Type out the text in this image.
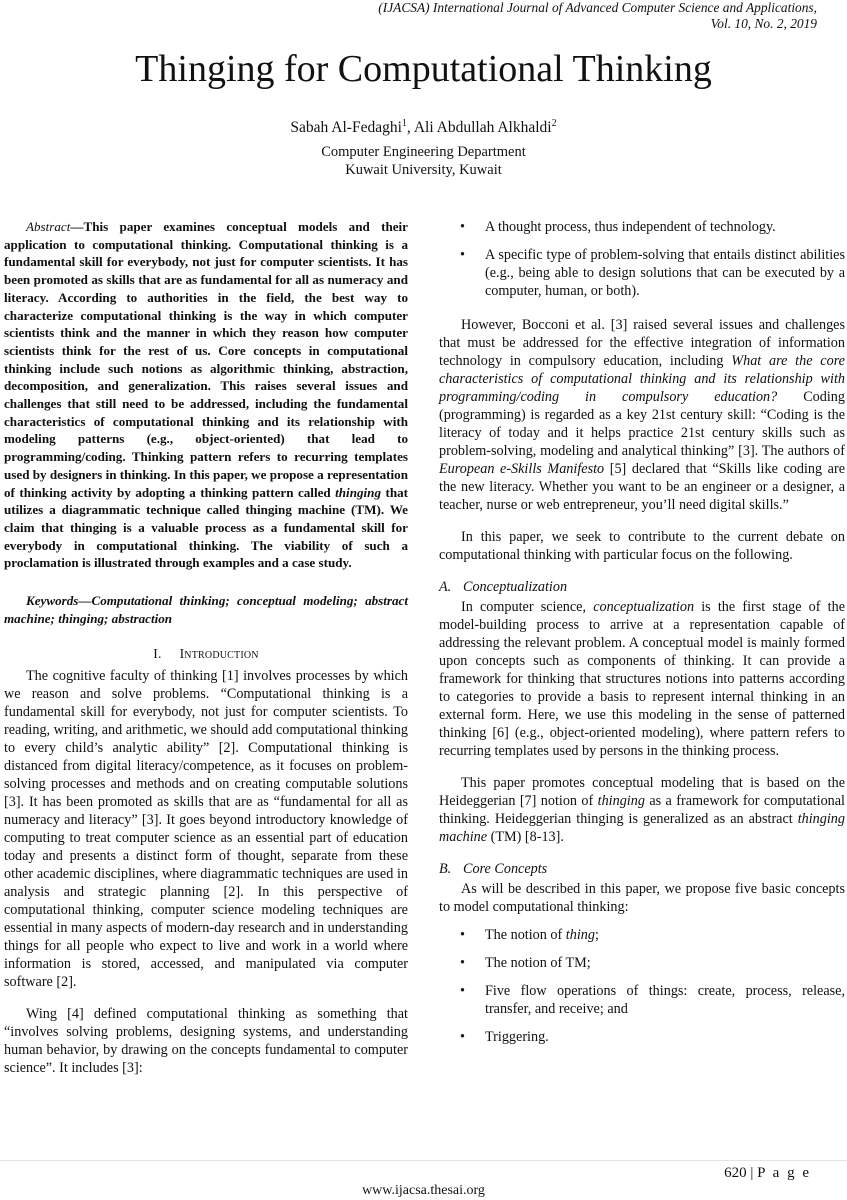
(IJACSA) International Journal of Advanced Computer Science and Applications,
Vol. 10, No. 2, 2019
Thinging for Computational Thinking
Sabah Al-Fedaghi$^1$, Ali Abdullah Alkhaldi$^2$
Computer Engineering Department
Kuwait University, Kuwait

Abstract—This paper examines conceptual models and their application to computational thinking. Computational thinking is a fundamental skill for everybody, not just for computer scientists. It has been promoted as skills that are as fundamental for all as numeracy and literacy. According to authorities in the field, the best way to characterize computational thinking is the way in which computer scientists think and the manner in which they reason how computer scientists think for the rest of us. Core concepts in computational thinking include such notions as algorithmic thinking, abstraction, decomposition, and generalization. This raises several issues and challenges that still need to be addressed, including the fundamental characteristics of computational thinking and its relationship with modeling patterns (e.g., object-oriented) that lead to programming/coding. Thinking pattern refers to recurring templates used by designers in thinking. In this paper, we propose a representation of thinking activity by adopting a thinking pattern called thinging that utilizes a diagrammatic technique called thinging machine (TM). We claim that thinging is a valuable process as a fundamental skill for everybody in computational thinking. The viability of such a proclamation is illustrated through examples and a case study.

Keywords—Computational thinking; conceptual modeling; abstract machine; thinging; abstraction

I. Introduction

The cognitive faculty of thinking [1] involves processes by which we reason and solve problems. “Computational thinking is a fundamental skill for everybody, not just for computer scientists. To reading, writing, and arithmetic, we should add computational thinking to every child’s analytic ability” [2]. Computational thinking is distanced from digital literacy/competence, as it focuses on problem-solving processes and methods and on creating computable solutions [3]. It has been promoted as skills that are as “fundamental for all as numeracy and literacy” [3]. It goes beyond introductory knowledge of computing to treat computer science as an essential part of education today and presents a distinct form of thought, separate from these other academic disciplines, where diagrammatic techniques are used in analysis and strategic planning [2]. In this perspective of computational thinking, computer science modeling techniques are essential in many aspects of modern-day research and in understanding things for all people who expect to live and work in a world where information is stored, accessed, and manipulated via computer software [2].

Wing [4] defined computational thinking as something that “involves solving problems, designing systems, and understanding human behavior, by drawing on the concepts fundamental to computer science”. It includes [3]:

• A thought process, thus independent of technology.
• A specific type of problem-solving that entails distinct abilities (e.g., being able to design solutions that can be executed by a computer, human, or both).

However, Bocconi et al. [3] raised several issues and challenges that must be addressed for the effective integration of information technology in compulsory education, including What are the core characteristics of computational thinking and its relationship with programming/coding in compulsory education? Coding (programming) is regarded as a key 21st century skill: “Coding is the literacy of today and it helps practice 21st century skills such as problem-solving, modeling and analytical thinking” [3]. The authors of European e-Skills Manifesto [5] declared that “Skills like coding are the new literacy. Whether you want to be an engineer or a designer, a teacher, nurse or web entrepreneur, you’ll need digital skills.”

In this paper, we seek to contribute to the current debate on computational thinking with particular focus on the following.

A. Conceptualization

In computer science, conceptualization is the first stage of the model-building process to arrive at a representation capable of addressing the relevant problem. A conceptual model is mainly formed upon concepts such as components of thinking. It can provide a framework for thinking that structures notions into patterns according to categories to provide a basis to represent internal thinking in an external form. Here, we use this modeling in the sense of patterned thinking [6] (e.g., object-oriented modeling), where pattern refers to recurring templates used by persons in the thinking process.

This paper promotes conceptual modeling that is based on the Heideggerian [7] notion of thinging as a framework for computational thinking. Heideggerian thinging is generalized as an abstract thinging machine (TM) [8-13].

B. Core Concepts

As will be described in this paper, we propose five basic concepts to model computational thinking:

• The notion of thing;
• The notion of TM;
• Five flow operations of things: create, process, release, transfer, and receive; and
• Triggering.
620 | P a g e
www.ijacsa.thesai.org
